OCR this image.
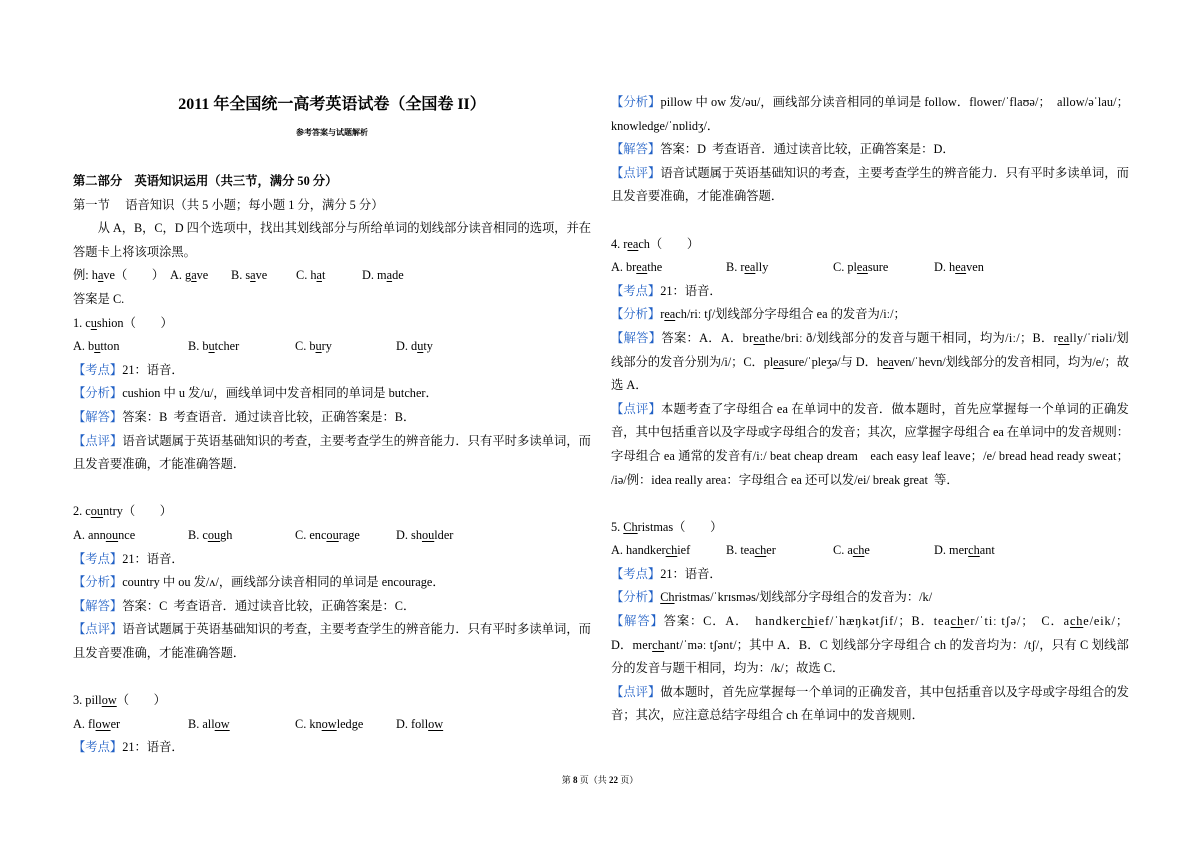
2011 年全国统一高考英语试卷（全国卷 II）
参考答案与试题解析
第二部分　英语知识运用（共三节，满分 50 分）
第一节　 语音知识（共 5 小题；每小题 1 分，满分 5 分）
从 A，B，C，D 四个选项中，找出其划线部分与所给单词的划线部分读音相同的选项，并在
答题卡上将该项涂黑。
例: have（　　） A. gave	B. save	C. hat	D. made
答案是 C.
1. cushion（　　）
A. button	B. butcher	C. bury	D. duty
【考点】21：语音．
【分析】cushion 中 u 发/u/，画线单词中发音相同的单词是 butcher．
【解答】答案：B  考查语音．通过读音比较，正确答案是：B．
【点评】语音试题属于英语基础知识的考查，主要考查学生的辨音能力．只有平时多读单词，而
且发音要准确，才能准确答题．
2. country（　　）
A. announce	B. cough	C. encourage	D. shoulder
【考点】21：语音．
【分析】country 中 ou 发/ʌ/，画线部分读音相同的单词是 encourage．
【解答】答案：C  考查语音．通过读音比较，正确答案是：C．
【点评】语音试题属于英语基础知识的考查，主要考查学生的辨音能力．只有平时多读单词，而
且发音要准确，才能准确答题．
3. pillow（　　）
A. flower	B. allow	C. knowledge	D. follow
【考点】21：语音．
【分析】pillow 中 ow 发/əu/，画线部分读音相同的单词是 follow．flower/ˈflaʊə/；　allow/əˈlau/；
knowledge/ˈnɒlidʒ/．
【解答】答案：D  考查语音．通过读音比较，正确答案是：D．
【点评】语音试题属于英语基础知识的考查，主要考查学生的辨音能力．只有平时多读单词，而
且发音要准确，才能准确答题．
4. reach（　　）
A. breathe	B. really	C. pleasure	D. heaven
【考点】21：语音．
【分析】reach/riː tʃ/划线部分字母组合 ea 的发音为/iː/；
【解答】答案：A．A．breathe/briː ð/划线部分的发音与题干相同，均为/iː/；B．really/ˈriəli/划
线部分的发音分别为/i/；C．pleasure/ˈpleʒə/与 D．heaven/ˈhevn/划线部分的发音相同，均为/e/；故
选 A．
【点评】本题考查了字母组合 ea 在单词中的发音．做本题时，首先应掌握每一个单词的正确发
音，其中包括重音以及字母或字母组合的发音；其次，应掌握字母组合 ea 在单词中的发音规则：
字母组合 ea 通常的发音有/iː/ beat cheap dream　each easy leaf leave；/e/ bread head ready sweat；
/iə/例：idea really area：字母组合 ea 还可以发/ei/ break great  等．
5. Christmas（　　）
A. handkerchief	B. teacher	C. ache	D. merchant
【考点】21：语音．
【分析】Christmas/ˈkrɪsməs/划线部分字母组合的发音为：/k/
【解答】答案：C．A．　handkerchief/ˈhæŋkətʃif/；B．teacher/ˈtiː tʃə/；　C．ache/eik/；
D．merchant/ˈməː tʃənt/；其中 A．B．C 划线部分字母组合 ch 的发音均为：/tʃ/，只有 C 划线部
分的发音与题干相同，均为：/k/；故选 C．
【点评】做本题时，首先应掌握每一个单词的正确发音，其中包括重音以及字母或字母组合的发
音；其次，应注意总结字母组合 ch 在单词中的发音规则．
第 8 页（共 22 页）
